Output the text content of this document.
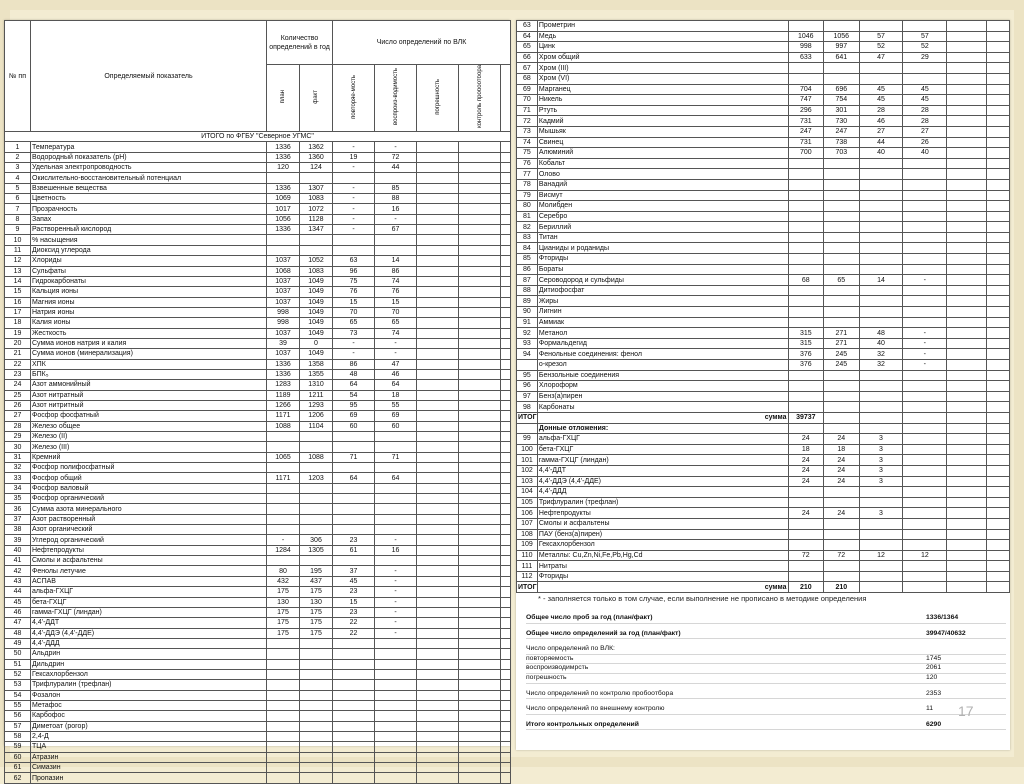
№ пп	Определяемый показатель	Количество определений в год		Число определений по ВЛК				
		план	факт	повторяе-мость	воспроиз-водимость	погрешность	контроль пробоотбора	
ИТОГО по ФГБУ "Северное УГМС"								
1	Температура	1336	1362	-	-			
2	Водородный показатель (рН)	1336	1360	19	72			
3	Удельная электропроводность	120	124	-	44			
4	Окислительно-восстановительный потенциал							
5	Взвешенные вещества	1336	1307	-	85			
6	Цветность	1069	1083	-	88			
7	Прозрачность	1017	1072	-	16			
8	Запах	1056	1128	-	-			
9	Растворенный кислород	1336	1347	-	67			
10	% насыщения							
11	Диоксид углерода							
12	Хлориды	1037	1052	63	14			
13	Сульфаты	1068	1083	96	86			
14	Гидрокарбонаты	1037	1049	75	74			
15	Кальция ионы	1037	1049	76	76			
16	Магния ионы	1037	1049	15	15			
17	Натрия ионы	998	1049	70	70			
18	Калия ионы	998	1049	65	65			
19	Жесткость	1037	1049	73	74			
20	Сумма ионов натрия и калия	39	0	-	-			
21	Сумма ионов (минерализация)	1037	1049	-	-			
22	ХПК	1336	1358	86	47			
23	БПК₅	1336	1355	48	46			
24	Азот аммонийный	1283	1310	64	64			
25	Азот нитратный	1189	1211	54	18			
26	Азот нитритный	1266	1293	95	55			
27	Фосфор фосфатный	1171	1206	69	69			
28	Железо общее	1088	1104	60	60			
29	Железо (II)							
30	Железо (III)							
31	Кремний	1065	1088	71	71			
32	Фосфор полифосфатный							
33	Фосфор общий	1171	1203	64	64			
34	Фосфор валовый							
35	Фосфор органический							
36	Сумма азота минерального							
37	Азот растворенный							
38	Азот органический							
39	Углерод органический	-	306	23	-			
40	Нефтепродукты	1284	1305	61	16			
41	Смолы и асфальтены							
42	Фенолы летучие	80	195	37	-			
43	АСПАВ	432	437	45	-			
44	альфа-ГХЦГ	175	175	23	-			
45	бета-ГХЦГ	130	130	15	-			
46	гамма-ГХЦГ (линдан)	175	175	23	-			
47	4,4'-ДДТ	175	175	22	-			
48	4,4'-ДДЭ (4,4'-ДДЕ)	175	175	22	-			
49	4,4'-ДДД							
50	Альдрин							
51	Дильдрин							
52	Гексахлорбензол							
53	Трифлуралин (трефлан)							
54	Фозалон							
55	Метафос							
56	Карбофос							
57	Диметоат (рогор)							
58	2,4-Д							
59	ТЦА							
60	Атразин							
61	Симазин							
62	Пропазин							
63	Прометрин						
64	Медь	1046	1056	57	57		
65	Цинк	998	997	52	52		
66	Хром общий	633	641	47	29		
67	Хром (III)						
68	Хром (VI)						
69	Марганец	704	696	45	45		
70	Никель	747	754	45	45		
71	Ртуть	296	301	28	28		
72	Кадмий	731	730	46	28		
73	Мышьяк	247	247	27	27		
74	Свинец	731	738	44	26		
75	Алюминий	700	703	40	40		
76	Кобальт						
77	Олово						
78	Ванадий						
79	Висмут						
80	Молибден						
81	Серебро						
82	Бериллий						
83	Титан						
84	Цианиды и роданиды						
85	Фториды						
86	Бораты						
87	Сероводород и сульфиды	68	65	14	-		
88	Дитиофосфат						
89	Жиры						
90	Лигнин						
91	Аммиак						
92	Метанол	315	271	48	-		
93	Формальдегид	315	271	40	-		
94	Фенольные соединения: фенол	376	245	32	-		
	о-крезол	376	245	32	-		
95	Бензольные соединения						
96	Хлороформ						
97	Бенз(а)пирен						
98	Карбонаты						
ИТОГ	сумма	39737					
	Донные отложения:						
99	альфа-ГХЦГ	24	24	3			
100	бета-ГХЦГ	18	18	3			
101	гамма-ГХЦГ (линдан)	24	24	3			
102	4,4'-ДДТ	24	24	3			
103	4,4'-ДДЭ (4,4'-ДДЕ)	24	24	3			
104	4,4'-ДДД						
105	Трифлуралин (трефлан)						
106	Нефтепродукты	24	24	3			
107	Смолы и асфальтены						
108	ПАУ (бенз(а)пирен)						
109	Гексахлорбензол						
110	Металлы: Cu,Zn,Ni,Fe,Pb,Hg,Cd	72	72	12	12		
111	Нитраты						
112	Фториды						
ИТОГ	сумма	210	210				
* - заполняется только в том случае, если выполнение не прописано в методике определения
Общее число проб за год (план/факт)	1336/1364
Общее число определений за год (план/факт)	39947/40632
Число определений по ВЛК:
повторяемость	1745
воспроизводимрсть	2061
погрешность	120
Число определений по контролю пробоотбора	2353
Число определений по внешнему контролю	11
Итого контрольных определений	6290
17
